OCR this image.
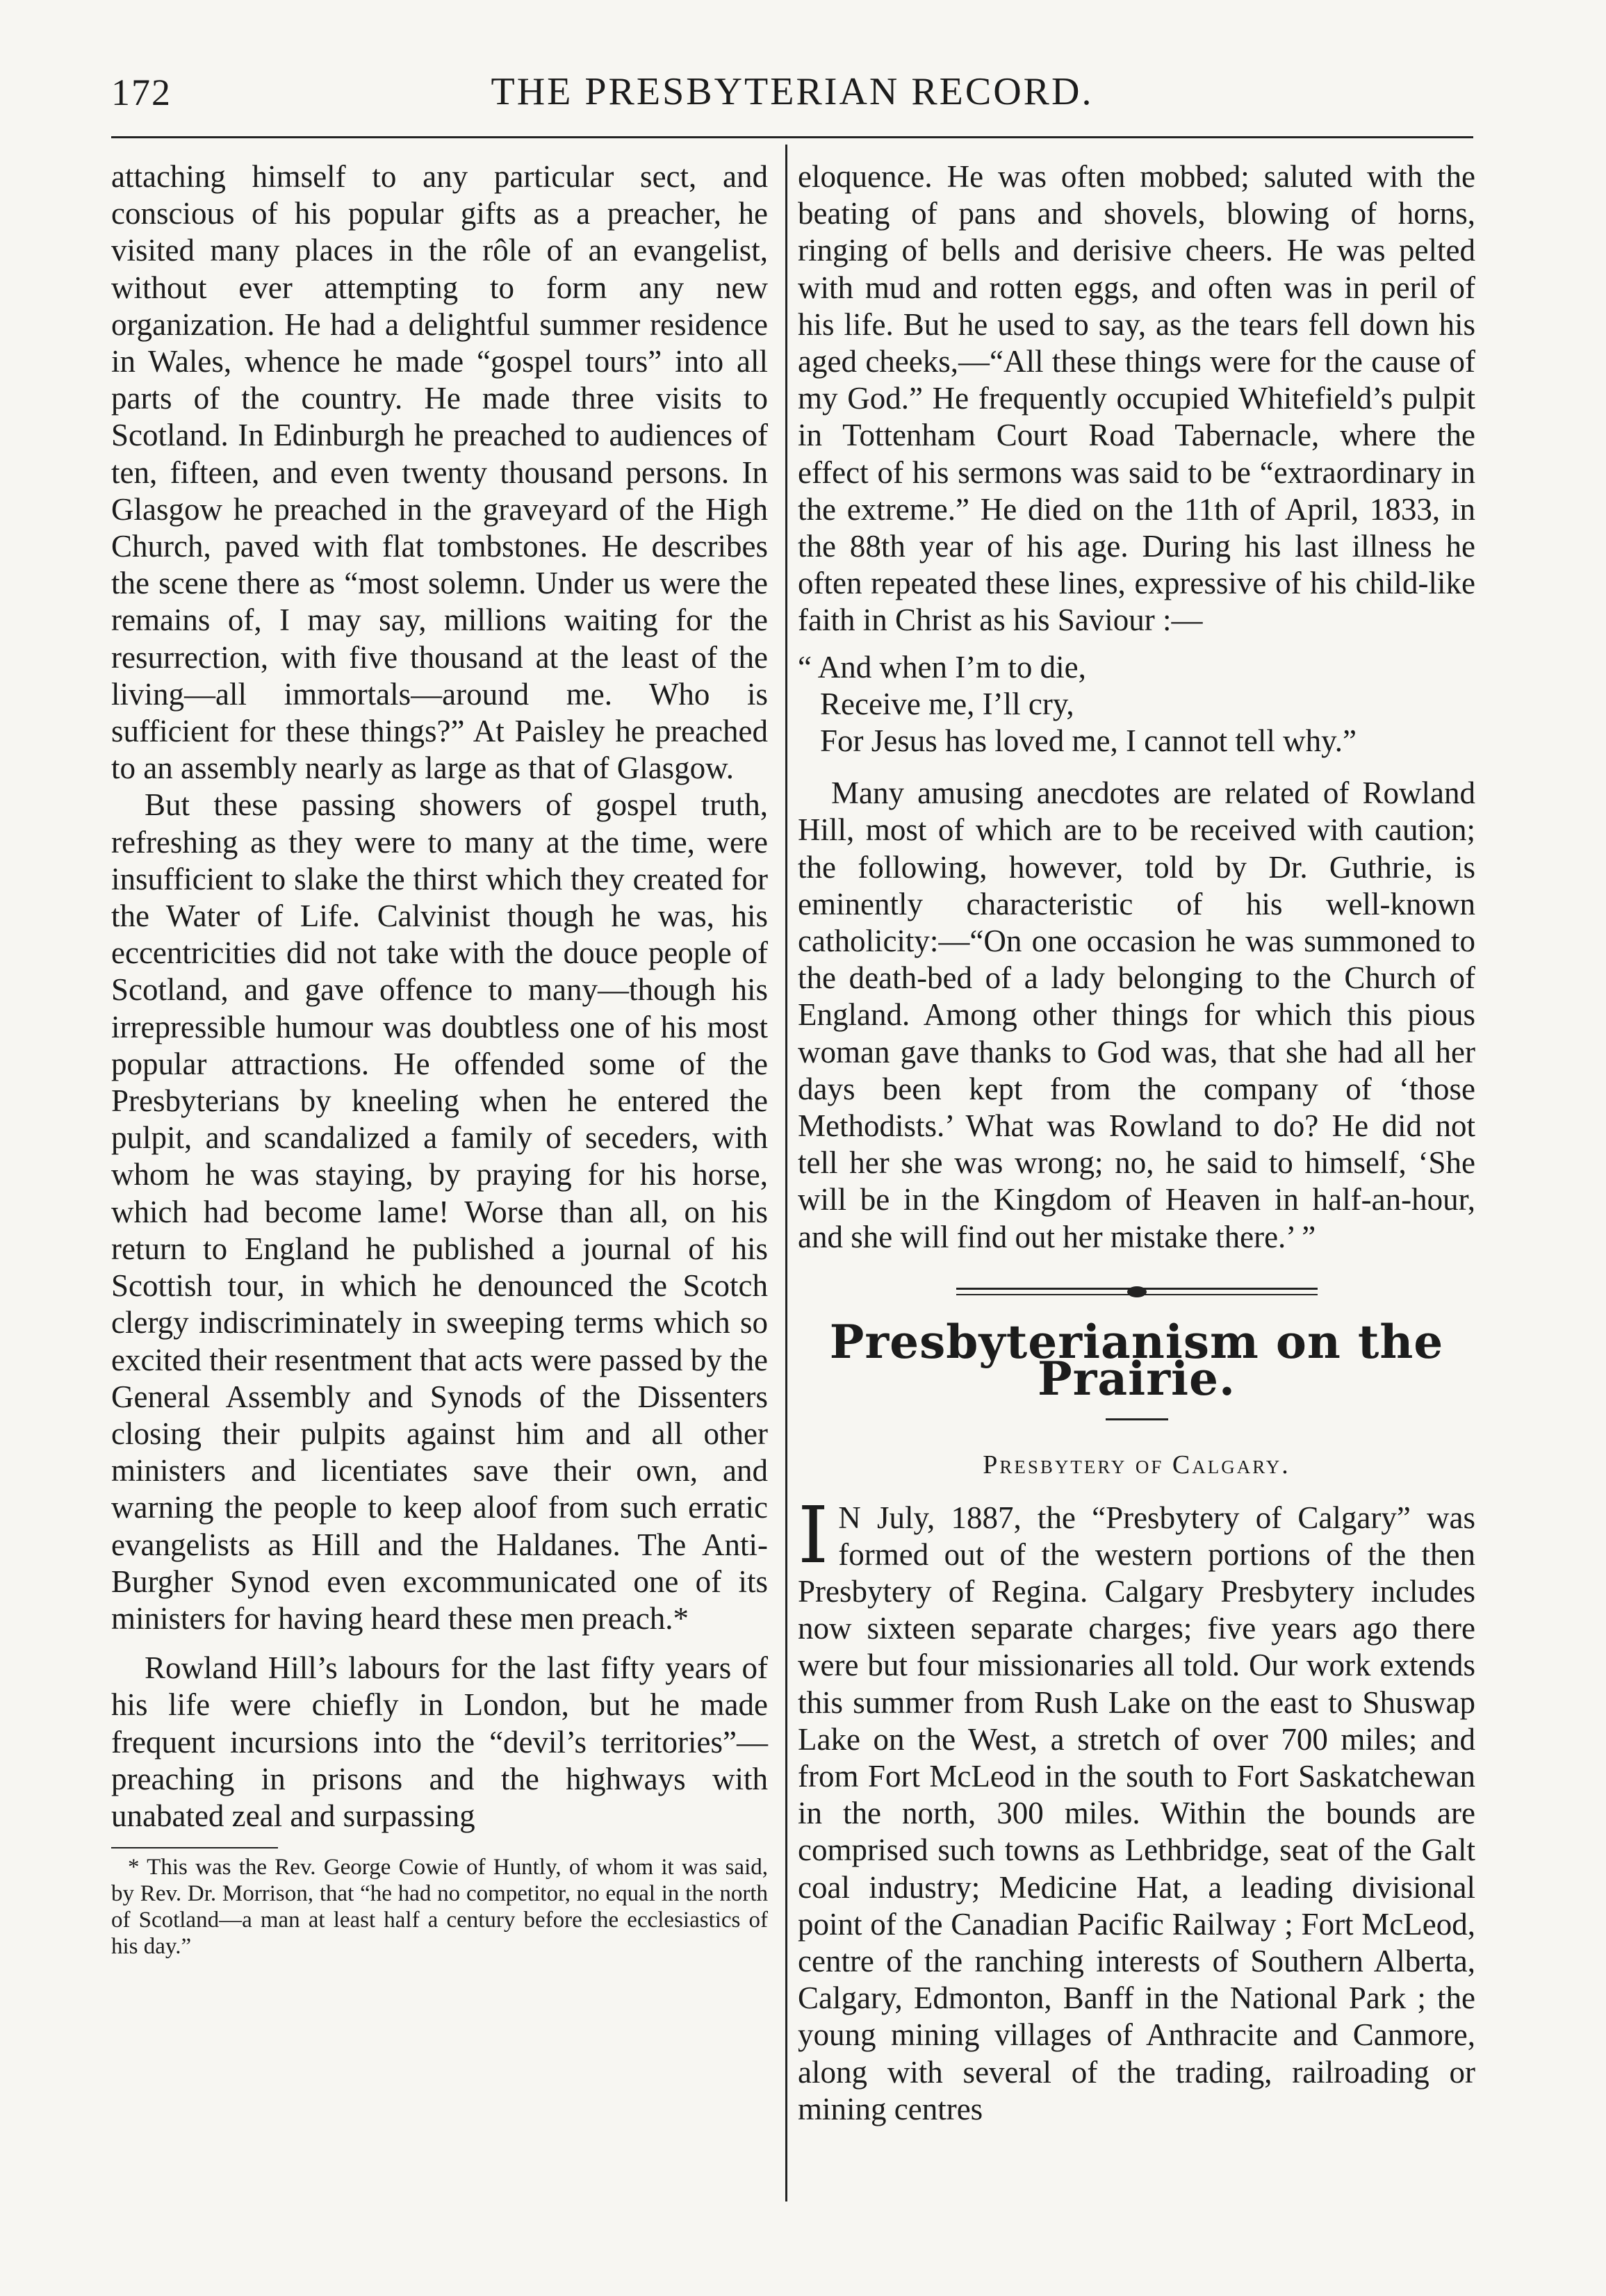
172	THE PRESBYTERIAN RECORD.

attaching himself to any particular sect, and conscious of his popular gifts as a preacher, he visited many places in the rôle of an evangelist, without ever attempting to form any new organization. He had a delightful summer residence in Wales, whence he made “gospel tours” into all parts of the country. He made three visits to Scotland. In Edinburgh he preached to audiences of ten, fifteen, and even twenty thousand persons. In Glasgow he preached in the graveyard of the High Church, paved with flat tombstones. He describes the scene there as “most solemn. Under us were the remains of, I may say, millions waiting for the resurrection, with five thousand at the least of the living—all immortals—around me. Who is sufficient for these things?” At Paisley he preached to an assembly nearly as large as that of Glasgow.

But these passing showers of gospel truth, refreshing as they were to many at the time, were insufficient to slake the thirst which they created for the Water of Life. Calvinist though he was, his eccentricities did not take with the douce people of Scotland, and gave offence to many—though his irrepressible humour was doubtless one of his most popular attractions. He offended some of the Presbyterians by kneeling when he entered the pulpit, and scandalized a family of seceders, with whom he was staying, by praying for his horse, which had become lame! Worse than all, on his return to England he published a journal of his Scottish tour, in which he denounced the Scotch clergy indiscriminately in sweeping terms which so excited their resentment that acts were passed by the General Assembly and Synods of the Dissenters closing their pulpits against him and all other ministers and licentiates save their own, and warning the people to keep aloof from such erratic evangelists as Hill and the Haldanes. The Anti-Burgher Synod even excommunicated one of its ministers for having heard these men preach.*

Rowland Hill’s labours for the last fifty years of his life were chiefly in London, but he made frequent incursions into the “devil’s territories”—preaching in prisons and the highways with unabated zeal and surpassing

* This was the Rev. George Cowie of Huntly, of whom it was said, by Rev. Dr. Morrison, that “he had no competitor, no equal in the north of Scotland—a man at least half a century before the ecclesiastics of his day.”

eloquence. He was often mobbed; saluted with the beating of pans and shovels, blowing of horns, ringing of bells and derisive cheers. He was pelted with mud and rotten eggs, and often was in peril of his life. But he used to say, as the tears fell down his aged cheeks,—“All these things were for the cause of my God.” He frequently occupied Whitefield’s pulpit in Tottenham Court Road Tabernacle, where the effect of his sermons was said to be “extraordinary in the extreme.” He died on the 11th of April, 1833, in the 88th year of his age. During his last illness he often repeated these lines, expressive of his child-like faith in Christ as his Saviour :—

“ And when I’m to die,

Receive me, I’ll cry,

For Jesus has loved me, I cannot tell why.”

Many amusing anecdotes are related of Rowland Hill, most of which are to be received with caution; the following, however, told by Dr. Guthrie, is eminently characteristic of his well-known catholicity:—“On one occasion he was summoned to the death-bed of a lady belonging to the Church of England. Among other things for which this pious woman gave thanks to God was, that she had all her days been kept from the company of ‘those Methodists.’ What was Rowland to do? He did not tell her she was wrong; no, he said to himself, ‘She will be in the Kingdom of Heaven in half-an-hour, and she will find out her mistake there.’ ”

Presbyterianism on the Prairie.
Presbytery of Calgary.

I N July, 1887, the “Presbytery of Calgary” was formed out of the western portions of the then Presbytery of Regina. Calgary Presbytery includes now sixteen separate charges; five years ago there were but four missionaries all told. Our work extends this summer from Rush Lake on the east to Shuswap Lake on the West, a stretch of over 700 miles; and from Fort McLeod in the south to Fort Saskatchewan in the north, 300 miles. Within the bounds are comprised such towns as Lethbridge, seat of the Galt coal industry; Medicine Hat, a leading divisional point of the Canadian Pacific Railway ; Fort McLeod, centre of the ranching interests of Southern Alberta, Calgary, Edmonton, Banff in the National Park ; the young mining villages of Anthracite and Canmore, along with several of the trading, railroading or mining centres
